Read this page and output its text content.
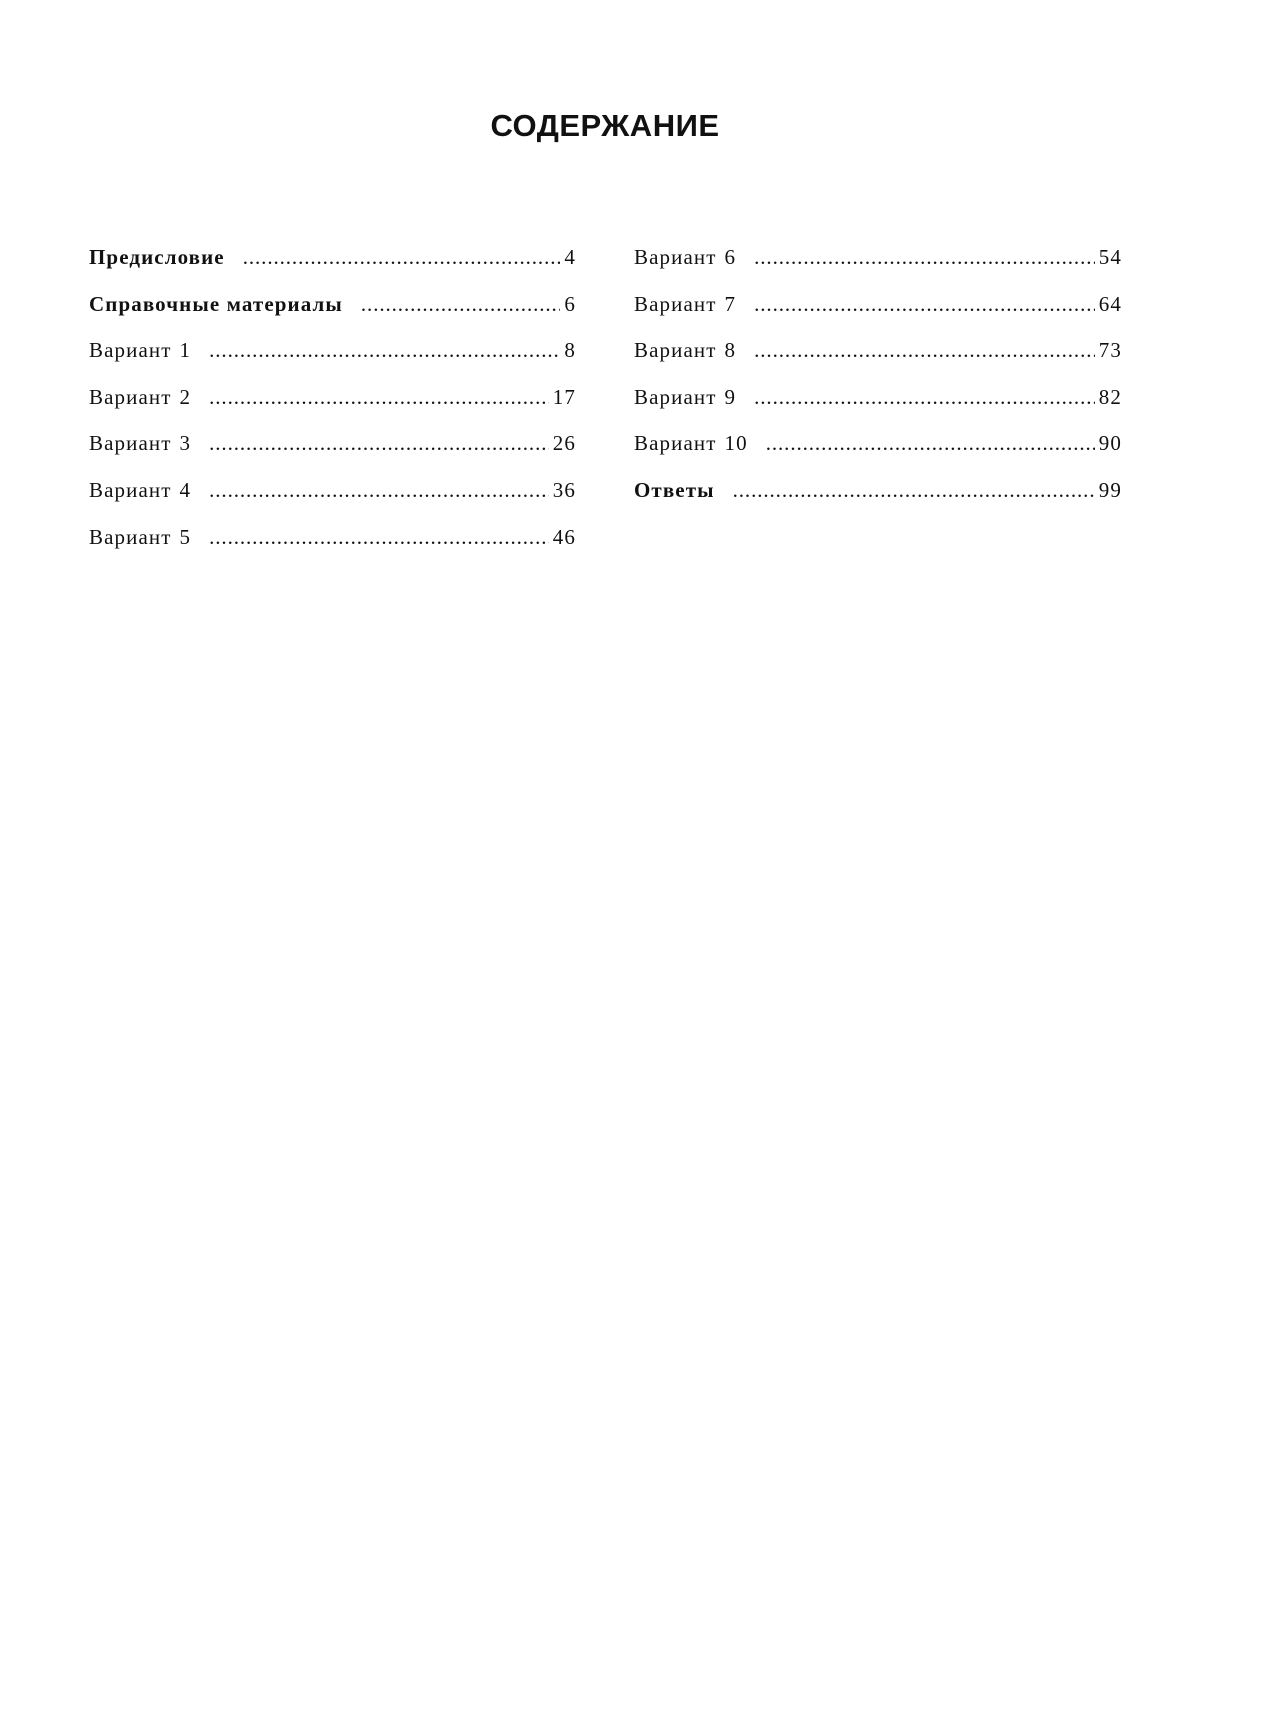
СОДЕРЖАНИЕ
Предисловие .....	4
Справочные материалы .....	6
Вариант 1 .....	8
Вариант 2 .....	17
Вариант 3 .....	26
Вариант 4 .....	36
Вариант 5 .....	46
Вариант 6 .....	54
Вариант 7 .....	64
Вариант 8 .....	73
Вариант 9 .....	82
Вариант 10 .....	90
Ответы .....	99
